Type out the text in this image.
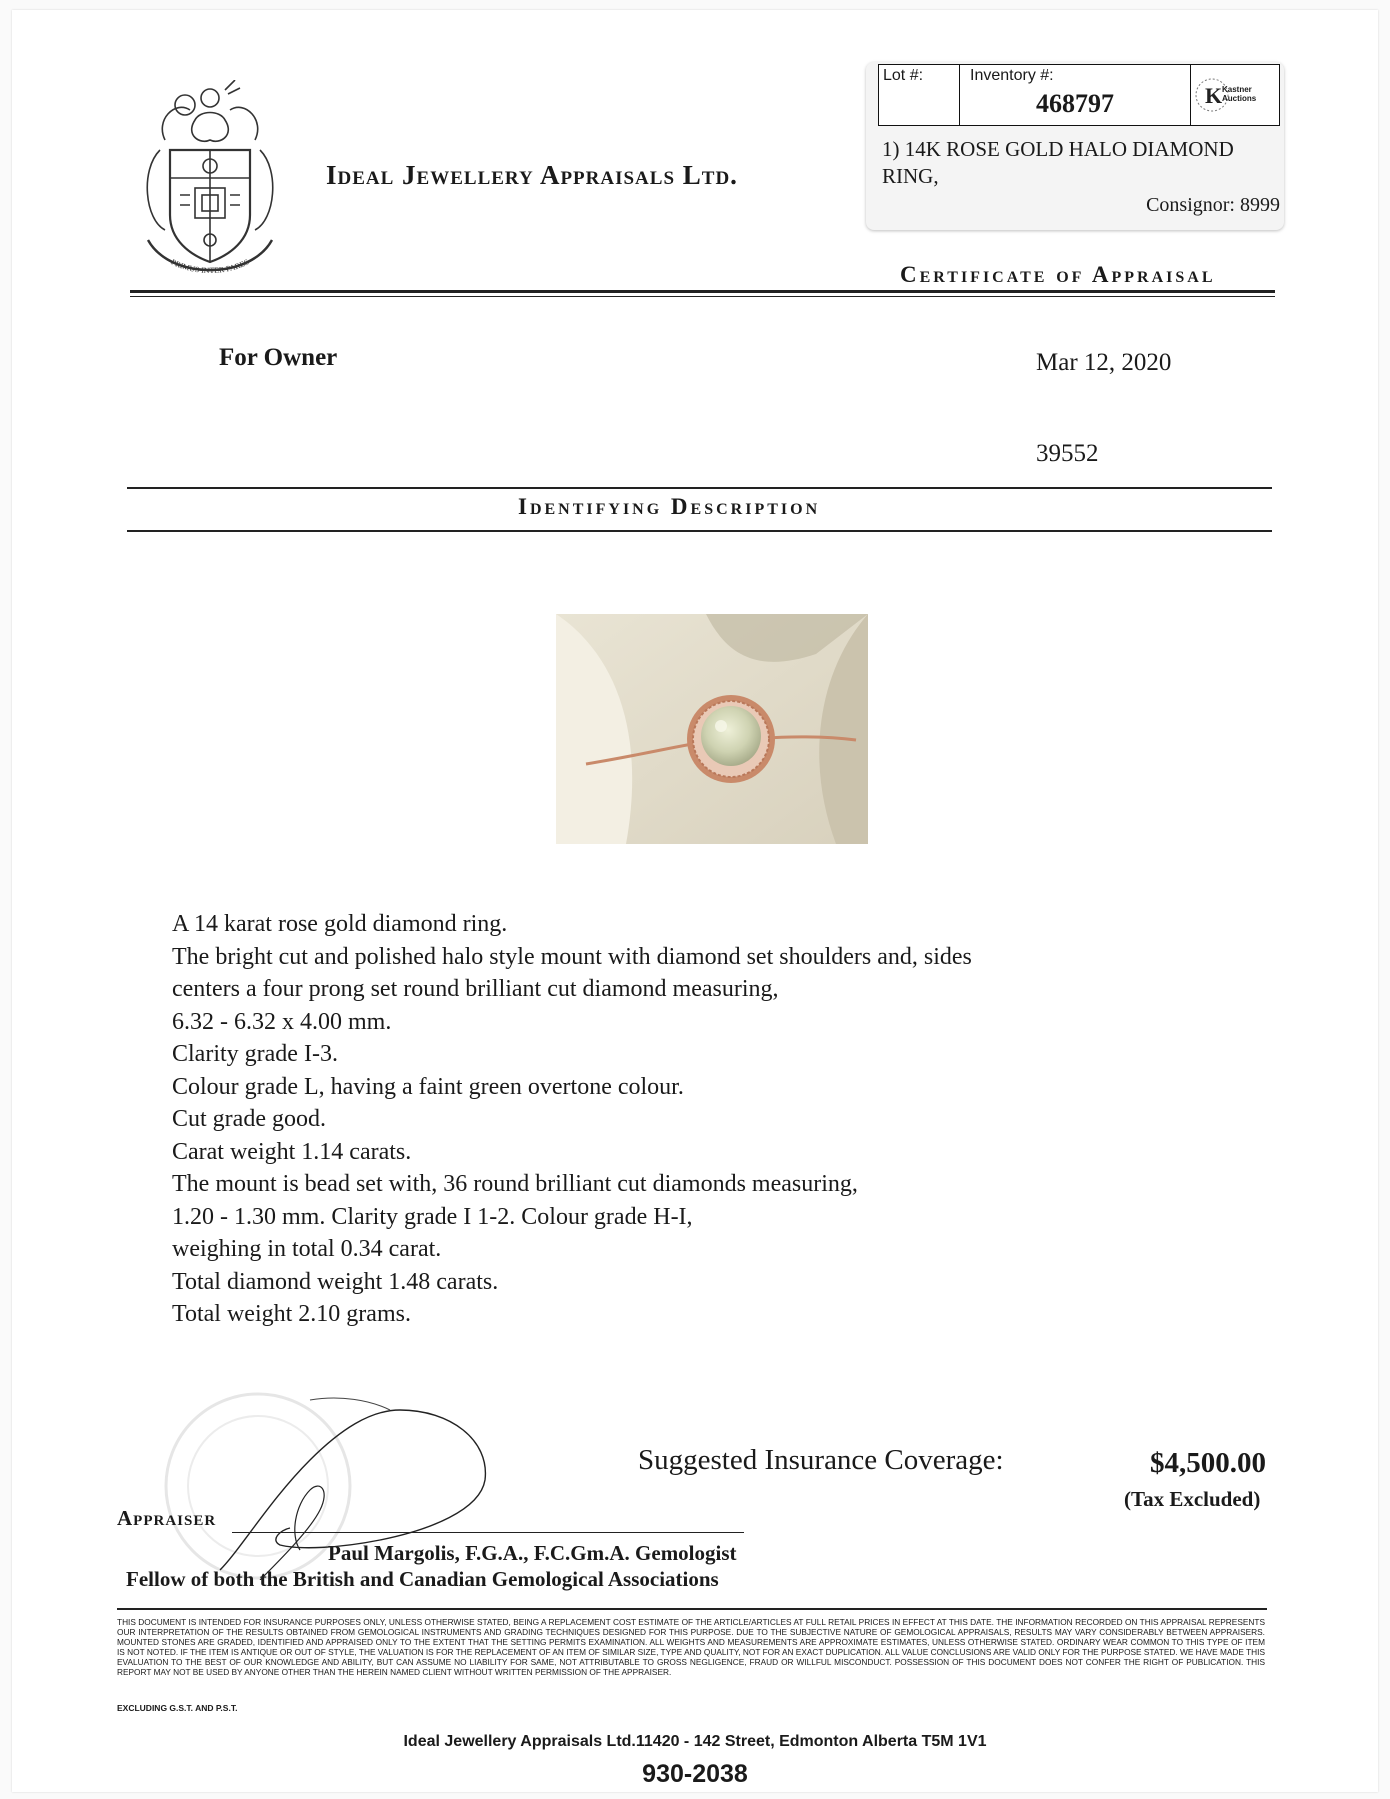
PRIMUS INTER PARES
Ideal Jewellery Appraisals Ltd.
Lot #:	Inventory #:
468797	K Kastner Auctions
1) 14K ROSE GOLD HALO DIAMOND RING,
Consignor: 8999
Certificate of Appraisal
For Owner	Mar 12, 2020
39552
Identifying Description
A 14 karat rose gold diamond ring.
The bright cut and polished halo style mount with diamond set shoulders and, sides
centers a four prong set round brilliant cut diamond measuring,
6.32 - 6.32 x 4.00 mm.
Clarity grade I-3.
Colour grade L, having a faint green overtone colour.
Cut grade good.
Carat weight 1.14 carats.
The mount is bead set with, 36 round brilliant cut diamonds measuring,
1.20 - 1.30 mm. Clarity grade I 1-2. Colour grade H-I,
weighing in total 0.34 carat.
Total diamond weight 1.48 carats.
Total weight 2.10 grams.
Suggested Insurance Coverage:	$4,500.00
(Tax Excluded)
Appraiser
Paul Margolis, F.G.A., F.C.Gm.A. Gemologist
Fellow of both the British and Canadian Gemological Associations
THIS DOCUMENT IS INTENDED FOR INSURANCE PURPOSES ONLY, UNLESS OTHERWISE STATED, BEING A REPLACEMENT COST ESTIMATE OF THE ARTICLE/ARTICLES AT FULL RETAIL PRICES IN EFFECT AT THIS DATE. THE INFORMATION RECORDED ON THIS APPRAISAL REPRESENTS OUR INTERPRETATION OF THE RESULTS OBTAINED FROM GEMOLOGICAL INSTRUMENTS AND GRADING TECHNIQUES DESIGNED FOR THIS PURPOSE. DUE TO THE SUBJECTIVE NATURE OF GEMOLOGICAL APPRAISALS, RESULTS MAY VARY CONSIDERABLY BETWEEN APPRAISERS. MOUNTED STONES ARE GRADED, IDENTIFIED AND APPRAISED ONLY TO THE EXTENT THAT THE SETTING PERMITS EXAMINATION. ALL WEIGHTS AND MEASUREMENTS ARE APPROXIMATE ESTIMATES, UNLESS OTHERWISE STATED. ORDINARY WEAR COMMON TO THIS TYPE OF ITEM IS NOT NOTED. IF THE ITEM IS ANTIQUE OR OUT OF STYLE, THE VALUATION IS FOR THE REPLACEMENT OF AN ITEM OF SIMILAR SIZE, TYPE AND QUALITY, NOT FOR AN EXACT DUPLICATION. ALL VALUE CONCLUSIONS ARE VALID ONLY FOR THE PURPOSE STATED. WE HAVE MADE THIS EVALUATION TO THE BEST OF OUR KNOWLEDGE AND ABILITY, BUT CAN ASSUME NO LIABILITY FOR SAME, NOT ATTRIBUTABLE TO GROSS NEGLIGENCE, FRAUD OR WILLFUL MISCONDUCT. POSSESSION OF THIS DOCUMENT DOES NOT CONFER THE RIGHT OF PUBLICATION. THIS REPORT MAY NOT BE USED BY ANYONE OTHER THAN THE HEREIN NAMED CLIENT WITHOUT WRITTEN PERMISSION OF THE APPRAISER.
EXCLUDING G.S.T. AND P.S.T.
Ideal Jewellery Appraisals Ltd.11420 - 142 Street, Edmonton Alberta T5M 1V1
930-2038
